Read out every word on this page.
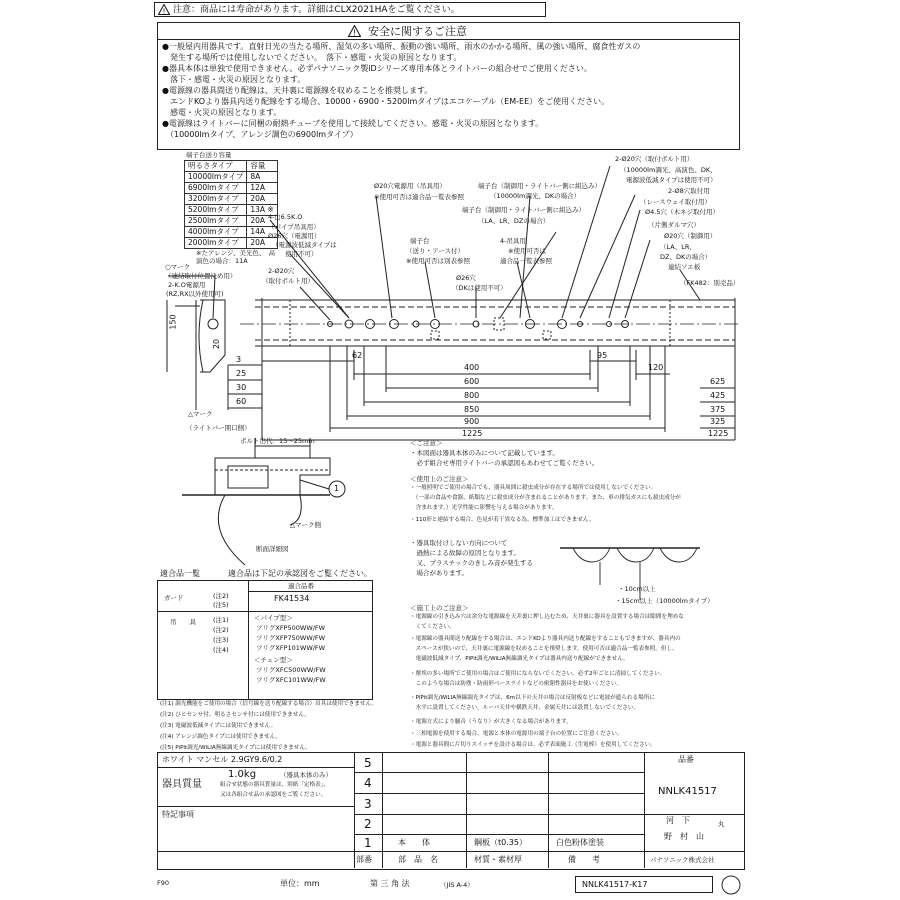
! 注意：商品には寿命があります。詳細はCLX2021HAをご覧ください。
! 安全に関するご注意
●一般屋内用器具です。直射日光の当たる場所、湿気の多い場所、振動の強い場所、雨水のかかる場所、風の強い場所、腐食性ガスの
　発生する場所では使用しないでください。　落下・感電・火災の原因となります。
●器具本体は単独で使用できません。必ずパナソニック製iDシリーズ専用本体とライトバーの組合せでご使用ください。
　落下・感電・火災の原因となります。
●電源線の器具間送り配線は、天井裏に電源線を収めることを推奨します。
　エンドKOより器具内送り配線をする場合、10000・6900・5200lmタイプはエコケーブル（EM-EE）をご使用ください。
　感電・火災の原因となります。
●電源線はライトバーに同梱の耐熱チューブを使用して接続してください。感電・火災の原因となります。
　（10000lmタイプ、アレンジ調色の6900lmタイプ）
端子台送り容量
明るさタイプ	容量
10000lmタイプ	8A
6900lmタイプ	12A
3200lmタイプ	20A
5200lmタイプ	13A ※
2500lmタイプ	20A
4000lmタイプ	14A
2000lmタイプ	20A
※たアレンジ、美光色、　高演色の場合：11A
○マーク
（連結取付位置決め用）
2-K.O電源用
(RZ,RX以外使用可)
150
20
3
25
30
60
△マーク
（ライトバー開口側）
ボルト出代：15～25mm
4-□6.5K.O
（パイプ吊具用）
Ø26穴（電源用）
（電源波低減タイプは
使用不可）
2-Ø20穴
（取付ボルト用）
Ø20穴電源用（吊具用）
※使用可否は適合品一覧表参照
端子台（制御用・ライトバー側に組込み）
（10000lm調光、DKの場合）
端子台（制御用・ライトバー側に組込み）
（LA、LR、DZの場合）
端子台
（送り・アース付）
※使用可否は別表参照
4-吊具用
※使用可否は
適合品一覧表参照
Ø26穴
（DKは使用不可）
2-Ø20穴（取付ボルト用）
（10000lm調光、高演色、DK、
電源波低減タイプは使用不可）
2-Ø8穴取付用
（レースウェイ取付用）
Ø4.5穴（木ネジ取付用）
（片側ダルマ穴）
Ø20穴（制御用）
（LA、LR、
DZ、DKの場合）
連結ソエ板
（FK482：別売品）
62
400
95
120
600
800
850
900
1225
625
425
375
325
1225
断面詳細図
1
△マーク側
＜ご注意＞
・本図面は器具本体のみについて記載しています。
　必ず組合せ専用ライトバーの承認図もあわせてご覧ください。
＜使用上のご注意＞
・一般照明でご使用の場合でも、器具周囲に殺虫成分が存在する場所では使用しないでください。
　（一部の食品や食器、紙類などに殺虫成分が含まれることがあります。また、車の排気ガスにも殺虫成分が
　含まれます。）光学性能に影響を与える場合があります。
・110形と連結する場合、色見が若干異なる為、標準加工はできません。
・器具取付けしない方向について
　過熱による故障の原因となります。
　又、プラスチックのきしみ音が発生する
　場合があります。
・10cm以上
・15cm以上（10000lmタイプ）
＜施工上のご注意＞
・電源線の引き込み穴は余分な電源線を天井裏に押し込むため、天井裏に器具を設置する場合は隙間を埋めな
　くてください。
・電源線の器具間送り配線をする場合は、エンドKOより器具内送り配線をすることもできますが、器具内の
　スペースが狭いので、天井裏に電源線を収めることを推奨します。使用可否は適合品一覧表参照。但し、
　電磁波低減タイプ、PiPit調光/WiLIA無線調光タイプは器具内送り配線ができません。
・塵埃の多い場所でご使用の場合はご使用にならないでください。必ず2年ごとに清掃してください。
　このような場合は防塵・防雨形ベースライトなどの密閉性器具をお使いください。
・PiPit調光/WiLIA無線調光タイプは、6m以下の天井の場合は反射板などに電波が遮られる場所に
　水平に設置してください。ルーバ天井や横鉄天井、金属天井には設置しないでください。
・電源方式により騒音（うなり）が大きくなる場合があります。
・三相電源を使用する場合、電源と本体の電源用の端子台の位置にご注意ください。
・電源と器具間に片切りスイッチを設ける場合は、必ず表面施工（生電棒）を使用してください。
適合品一覧	適合品は下記の承認図をご覧ください。
適合品番
ガード	(注2)
(注5)
FK41534
吊　　具	(注1)
(注2)
(注3)
(注4)
＜パイプ型＞
ツリグXFP500WW/FW
ツリグXFP750WW/FW
ツリグXFP101WW/FW
＜チェン型＞
ツリグXFC500WW/FW
ツリグXFC101WW/FW
(注1) 調光機能をご使用の場合（信号線を送り配線する場合）吊具は使用できません。
(注2) ひとセンサ付、明るさセンサ付には使用できません。
(注3) 電磁波低減タイプには使用できません。
(注4) アレンジ調色タイプには使用できません。
(注5) PiPit調光/WiLIA無線調光タイプには使用できません。
ホワイト マンセル 2.9GY9.6/0.2
器具質量
1.0kg	（器具本体のみ）
組合せ状態の器具質量は、別紙「定格表」、
又は各組合せ品の承認図をご覧ください。
特記事項
5
4
3
2
1	本　　体	鋼板（t0.35）	白色粉体塗装
部番	部　品　名	材質・素材厚	備　　考
品番
NNLK41517
河　下	丸
野　村　山
パナソニック株式会社
F90	単位：mm	第 三 角 法	（JIS A-4）	NNLK41517-K17
